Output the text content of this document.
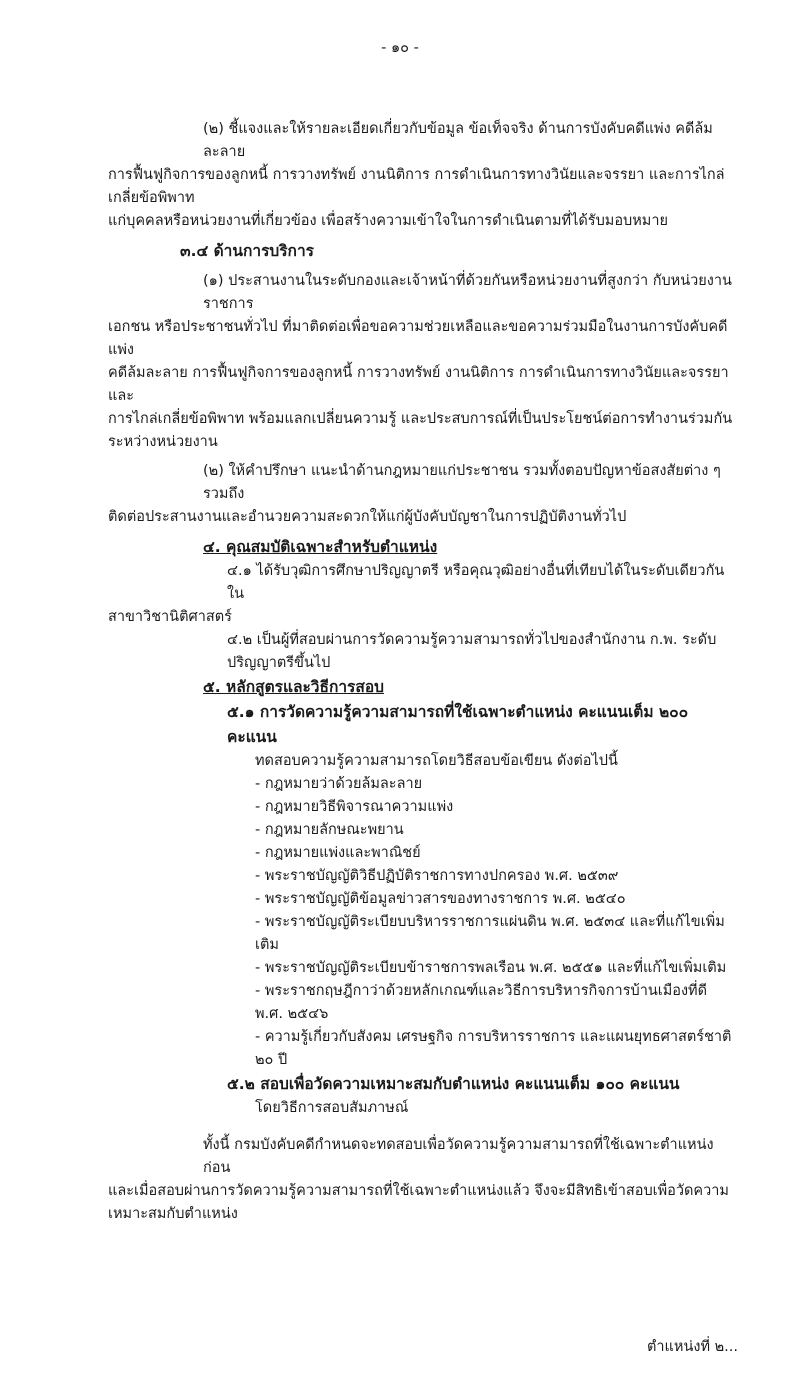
- ๑๐ -
(๒) ชี้แจงและให้รายละเอียดเกี่ยวกับข้อมูล ข้อเท็จจริง ด้านการบังคับคดีแพ่ง คดีล้มละลาย
การฟื้นฟูกิจการของลูกหนี้ การวางทรัพย์ งานนิติการ การดำเนินการทางวินัยและจรรยา และการไกล่เกลี่ยข้อพิพาท
แก่บุคคลหรือหน่วยงานที่เกี่ยวข้อง เพื่อสร้างความเข้าใจในการดำเนินตามที่ได้รับมอบหมาย
๓.๔ ด้านการบริการ
(๑) ประสานงานในระดับกองและเจ้าหน้าที่ด้วยกันหรือหน่วยงานที่สูงกว่า กับหน่วยงานราชการ
เอกชน หรือประชาชนทั่วไป ที่มาติดต่อเพื่อขอความช่วยเหลือและขอความร่วมมือในงานการบังคับคดีแพ่ง
คดีล้มละลาย การฟื้นฟูกิจการของลูกหนี้ การวางทรัพย์ งานนิติการ การดำเนินการทางวินัยและจรรยา และ
การไกล่เกลี่ยข้อพิพาท พร้อมแลกเปลี่ยนความรู้ และประสบการณ์ที่เป็นประโยชน์ต่อการทำงานร่วมกัน
ระหว่างหน่วยงาน
(๒) ให้คำปรึกษา แนะนำด้านกฎหมายแก่ประชาชน รวมทั้งตอบปัญหาข้อสงสัยต่าง ๆ รวมถึง
ติดต่อประสานงานและอำนวยความสะดวกให้แก่ผู้บังคับบัญชาในการปฏิบัติงานทั่วไป
๔. คุณสมบัติเฉพาะสำหรับตำแหน่ง
๔.๑ ได้รับวุฒิการศึกษาปริญญาตรี หรือคุณวุฒิอย่างอื่นที่เทียบได้ในระดับเดียวกันใน
สาขาวิชานิติศาสตร์
๔.๒ เป็นผู้ที่สอบผ่านการวัดความรู้ความสามารถทั่วไปของสำนักงาน ก.พ. ระดับปริญญาตรีขึ้นไป
๕. หลักสูตรและวิธีการสอบ
๕.๑ การวัดความรู้ความสามารถที่ใช้เฉพาะตำแหน่ง คะแนนเต็ม ๒๐๐ คะแนน
ทดสอบความรู้ความสามารถโดยวิธีสอบข้อเขียน ดังต่อไปนี้
- กฎหมายว่าด้วยล้มละลาย
- กฎหมายวิธีพิจารณาความแพ่ง
- กฎหมายลักษณะพยาน
- กฎหมายแพ่งและพาณิชย์
- พระราชบัญญัติวิธีปฏิบัติราชการทางปกครอง พ.ศ. ๒๕๓๙
- พระราชบัญญัติข้อมูลข่าวสารของทางราชการ พ.ศ. ๒๕๔๐
- พระราชบัญญัติระเบียบบริหารราชการแผ่นดิน พ.ศ. ๒๕๓๔ และที่แก้ไขเพิ่มเติม
- พระราชบัญญัติระเบียบข้าราชการพลเรือน พ.ศ. ๒๕๕๑ และที่แก้ไขเพิ่มเติม
- พระราชกฤษฎีกาว่าด้วยหลักเกณฑ์และวิธีการบริหารกิจการบ้านเมืองที่ดี พ.ศ. ๒๕๔๖
- ความรู้เกี่ยวกับสังคม เศรษฐกิจ การบริหารราชการ และแผนยุทธศาสตร์ชาติ ๒๐ ปี
๕.๒ สอบเพื่อวัดความเหมาะสมกับตำแหน่ง คะแนนเต็ม ๑๐๐ คะแนน
โดยวิธีการสอบสัมภาษณ์
ทั้งนี้ กรมบังคับคดีกำหนดจะทดสอบเพื่อวัดความรู้ความสามารถที่ใช้เฉพาะตำแหน่งก่อน
และเมื่อสอบผ่านการวัดความรู้ความสามารถที่ใช้เฉพาะตำแหน่งแล้ว จึงจะมีสิทธิเข้าสอบเพื่อวัดความ
เหมาะสมกับตำแหน่ง
ตำแหน่งที่ ๒...
